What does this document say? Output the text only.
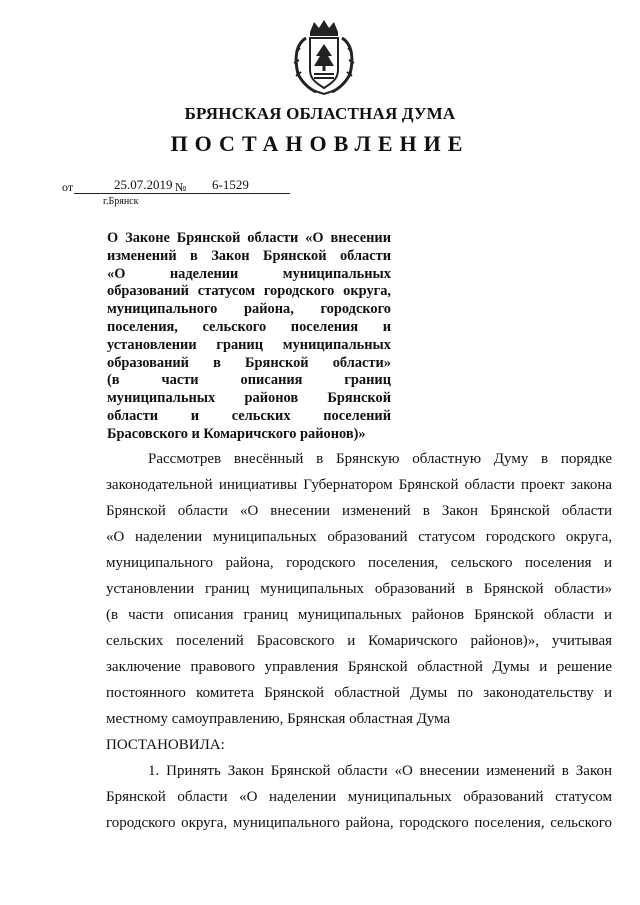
БРЯНСКАЯ ОБЛАСТНАЯ ДУМА
ПОСТАНОВЛЕНИЕ
от	25.07.2019 № 6-1529
г.Брянск
О Законе Брянской области «О внесении
изменений в Закон Брянской области
«О наделении муниципальных
образований статусом городского округа,
муниципального района, городского
поселения, сельского поселения и
установлении границ муниципальных
образований в Брянской области»
(в части описания границ
муниципальных районов Брянской
области и сельских поселений
Брасовского и Комаричского районов)»
Рассмотрев внесённый в Брянскую областную Думу в порядке
законодательной инициативы Губернатором Брянской области проект закона
Брянской области «О внесении изменений в Закон Брянской области
«О наделении муниципальных образований статусом городского округа,
муниципального района, городского поселения, сельского поселения и
установлении границ муниципальных образований в Брянской области»
(в части описания границ муниципальных районов Брянской области и
сельских поселений Брасовского и Комаричского районов)», учитывая
заключение правового управления Брянской областной Думы и решение
постоянного комитета Брянской областной Думы по законодательству и
местному самоуправлению, Брянская областная Дума
ПОСТАНОВИЛА:
1. Принять Закон Брянской области «О внесении изменений в Закон
Брянской области «О наделении муниципальных образований статусом
городского округа, муниципального района, городского поселения, сельского
